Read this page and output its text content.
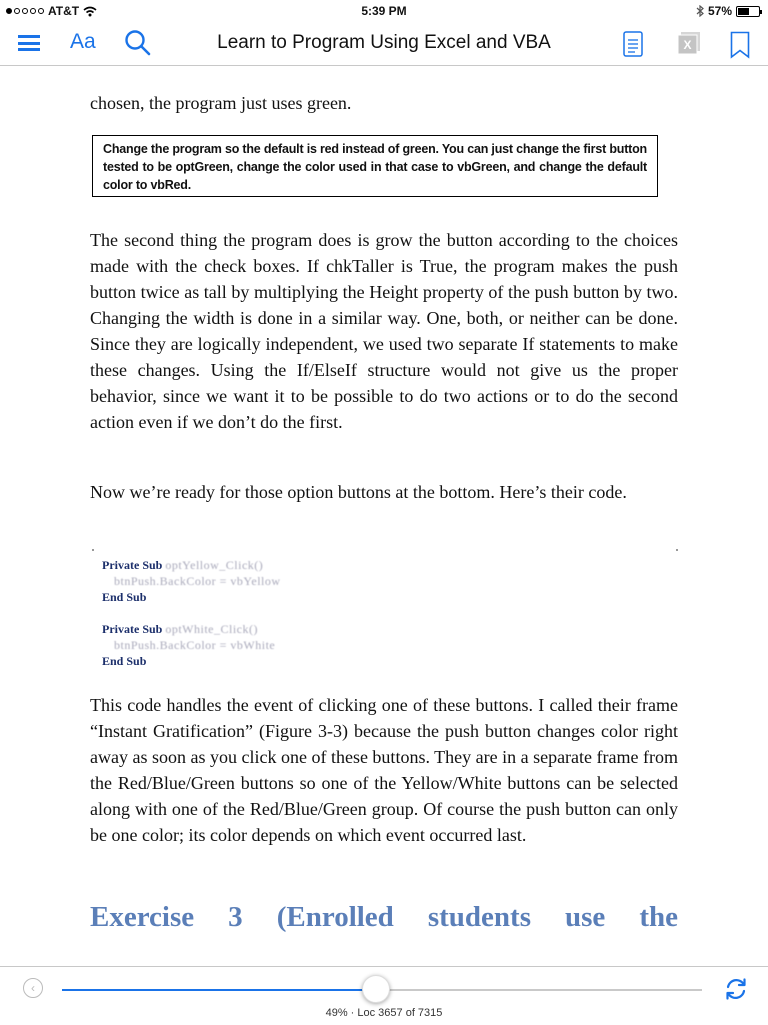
AT&T	5:39 PM	57%
Aa	Learn to Program Using Excel and VBA	X

chosen, the program just uses green.

Change the program so the default is red instead of green. You can just change the first button tested to be optGreen, change the color used in that case to vbGreen, and change the default color to vbRed.

The second thing the program does is grow the button according to the choices made with the check boxes. If chkTaller is True, the program makes the push button twice as tall by multiplying the Height property of the push button by two. Changing the width is done in a similar way. One, both, or neither can be done. Since they are logically independent, we used two separate If statements to make these changes. Using the If/ElseIf structure would not give us the proper behavior, since we want it to be possible to do two actions or to do the second action even if we don’t do the first.

Now we’re ready for those option buttons at the bottom. Here’s their code.

Private Sub optYellow_Click()
btnPush.BackColor = vbYellow
End Sub
Private Sub optWhite_Click()
btnPush.BackColor = vbWhite
End Sub

This code handles the event of clicking one of these buttons. I called their frame “Instant Gratification” (Figure 3-3) because the push button changes color right away as soon as you click one of these buttons. They are in a separate frame from the Red/Blue/Green buttons so one of the Yellow/White buttons can be selected along with one of the Red/Blue/Green group. Of course the push button can only be one color; its color depends on which event occurred last.

Exercise 3 (Enrolled students use the
‹
49% · Loc 3657 of 7315
